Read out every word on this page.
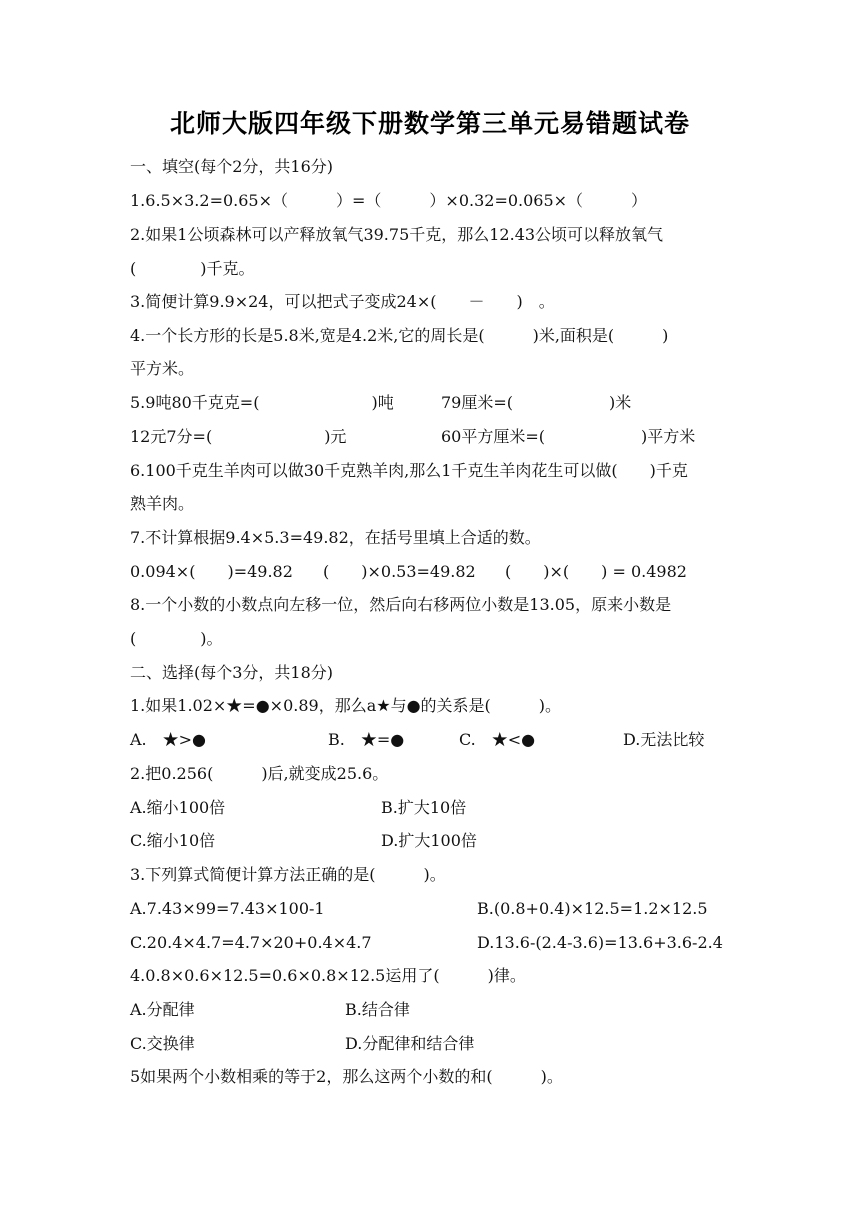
北师大版四年级下册数学第三单元易错题试卷
一、填空(每个2分，共16分)
1.6.5×3.2=0.65×（　　　）=（　　　）×0.32=0.065×（　　　）
2.如果1公顷森林可以产释放氧气39.75千克，那么12.43公顷可以释放氧气
(　　　　)千克。
3.简便计算9.9×24，可以把式子变成24×(　　－　　)　。
4.一个长方形的长是5.8米,宽是4.2米,它的周长是(　　　)米,面积是(　　　)
平方米。
5.9吨80千克克=(　　　　　　　)吨	79厘米=(　　　　　　)米
12元7分=(　　　　　　　)元	60平方厘米=(　　　　　　)平方米
6.100千克生羊肉可以做30千克熟羊肉,那么1千克生羊肉花生可以做(　　)千克
熟羊肉。
7.不计算根据9.4×5.3=49.82，在括号里填上合适的数。
0.094×(　　)=49.82 (　　)×0.53=49.82 (　　)×(　　) = 0.4982
8.一个小数的小数点向左移一位，然后向右移两位小数是13.05，原来小数是
(　　　　)。
二、选择(每个3分，共18分)
1.如果1.02×★=●×0.89，那么a★与●的关系是(　　　)。
A.　★>●	B.　★=●	C.　★<●	D.无法比较
2.把0.256(　　　)后,就变成25.6。
A.缩小100倍	B.扩大10倍
C.缩小10倍	D.扩大100倍
3.下列算式简便计算方法正确的是(　　　)。
A.7.43×99=7.43×100-1	B.(0.8+0.4)×12.5=1.2×12.5
C.20.4×4.7=4.7×20+0.4×4.7	D.13.6-(2.4-3.6)=13.6+3.6-2.4
4.0.8×0.6×12.5=0.6×0.8×12.5运用了(　　　)律。
A.分配律	B.结合律
C.交换律	D.分配律和结合律
5如果两个小数相乘的等于2，那么这两个小数的和(　　　)。
